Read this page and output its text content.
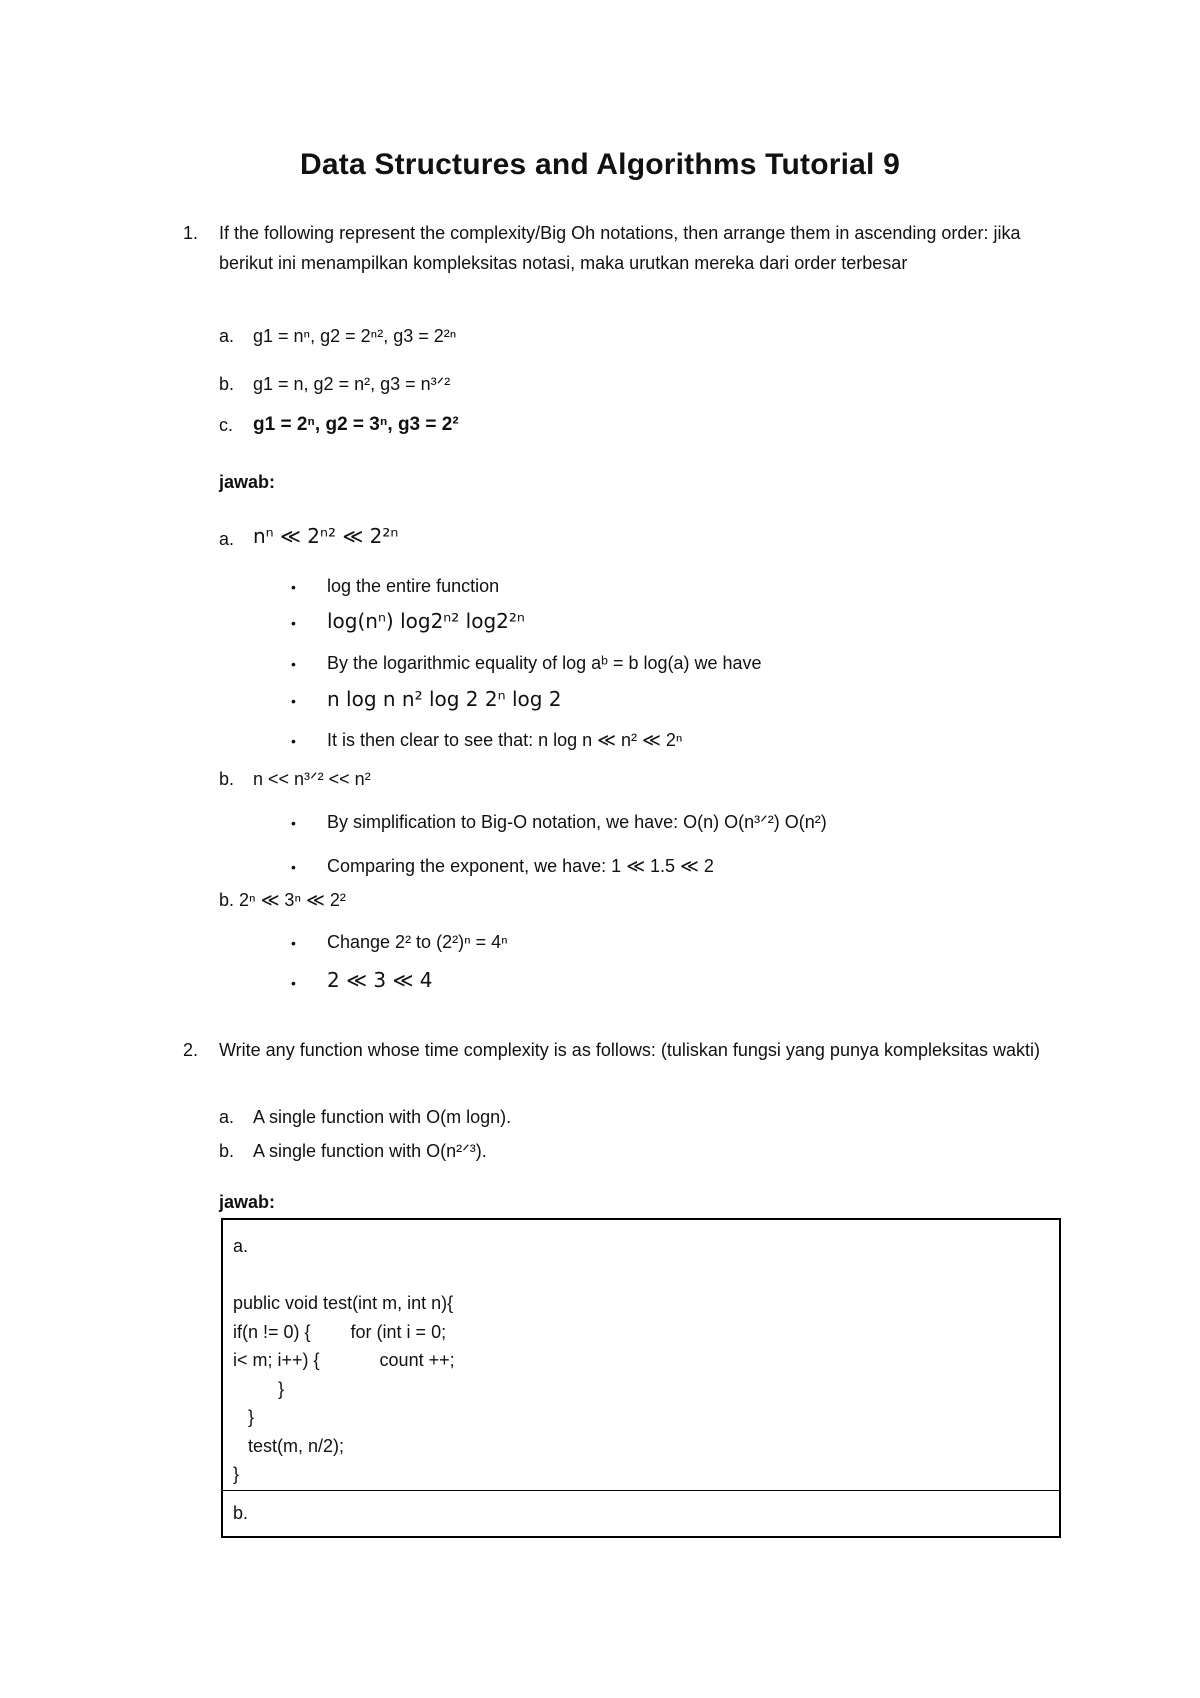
Data Structures and Algorithms Tutorial 9
1. If the following represent the complexity/Big Oh notations, then arrange them in ascending order: jika berikut ini menampilkan kompleksitas notasi, maka urutkan mereka dari order terbesar
a. g1 = nⁿ, g2 = 2ⁿ², g3 = 2²ⁿ
b. g1 = n, g2 = n², g3 = n³ᐟ²
c. g1 = 2ⁿ, g2 = 3ⁿ, g3 = 2²
jawab:
a. nⁿ ≪ 2ⁿ² ≪ 2²ⁿ
• log the entire function
• log(nⁿ) log2ⁿ² log2²ⁿ
• By the logarithmic equality of log aᵇ = b log(a) we have
• n log n n² log 2 2ⁿ log 2
• It is then clear to see that: n log n ≪ n² ≪ 2ⁿ
b. n << n³ᐟ² << n²
• By simplification to Big-O notation, we have: O(n) O(n³ᐟ²) O(n²)
• Comparing the exponent, we have: 1 ≪ 1.5 ≪ 2
b. 2ⁿ ≪ 3ⁿ ≪ 2²
• Change 2² to (2²)ⁿ = 4ⁿ
• 2 ≪ 3 ≪ 4
2. Write any function whose time complexity is as follows: (tuliskan fungsi yang punya kompleksitas wakti)
a. A single function with O(m logn).
b. A single function with O(n²ᐟ³).
jawab:
a.

public void test(int m, int n){
if(n != 0) {        for (int i = 0;
i< m; i++) {            count ++;
}
}
test(m, n/2);
}
b.
